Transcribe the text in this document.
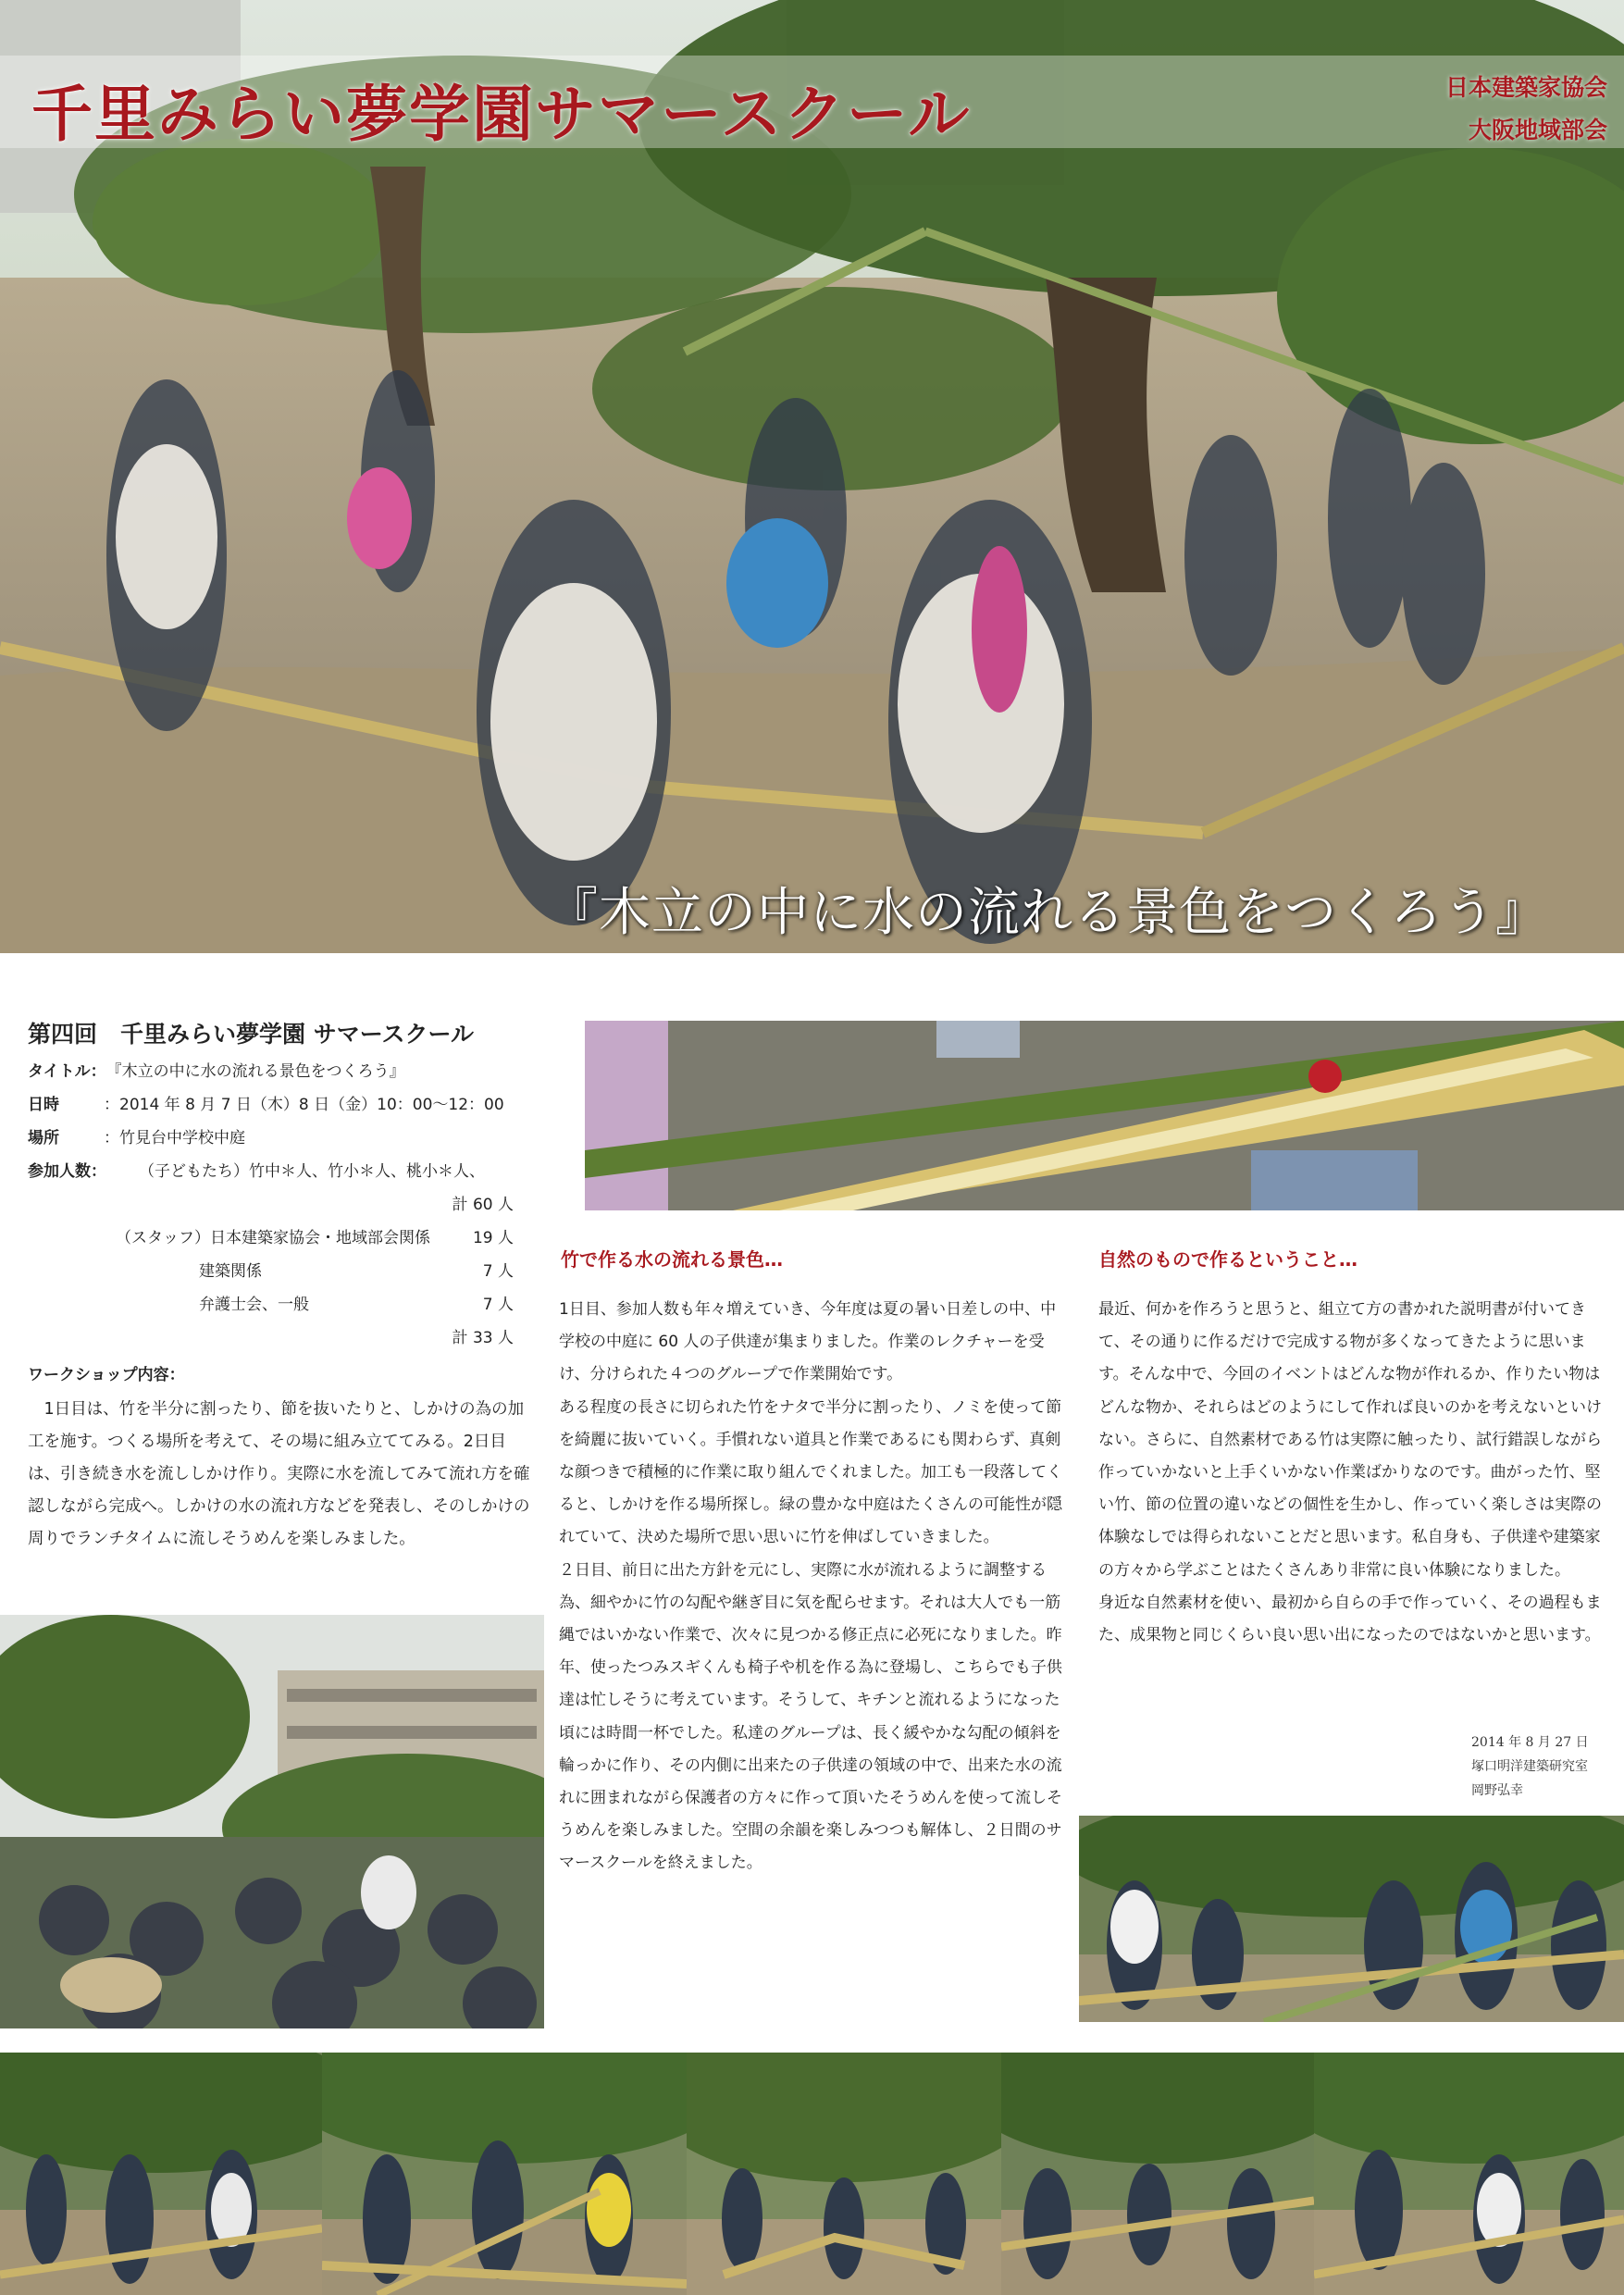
千里みらい夢学園サマースクール	日本建築家協会
大阪地域部会
『木立の中に水の流れる景色をつくろう』
第四回　千里みらい夢学園 サマースクール
タイトル： 『木立の中に水の流れる景色をつくろう』
日時	：2014 年 8 月 7 日（木）8 日（金）10：00〜12：00
場所	：竹見台中学校中庭
参加人数：	（子どもたち）竹中＊人、竹小＊人、桃小＊人、
計 60 人
（スタッフ）日本建築家協会・地域部会関係	19 人
建築関係	7 人
弁護士会、一般	7 人
計 33 人
ワークショップ内容：
1日目は、竹を半分に割ったり、節を抜いたりと、しかけの為の加工を施す。つくる場所を考えて、その場に組み立ててみる。2日目は、引き続き水を流ししかけ作り。実際に水を流してみて流れ方を確認しながら完成へ。しかけの水の流れ方などを発表し、そのしかけの周りでランチタイムに流しそうめんを楽しみました。
竹で作る水の流れる景色…

1日目、参加人数も年々増えていき、今年度は夏の暑い日差しの中、中学校の中庭に 60 人の子供達が集まりました。作業のレクチャーを受け、分けられた４つのグループで作業開始です。

ある程度の長さに切られた竹をナタで半分に割ったり、ノミを使って節を綺麗に抜いていく。手慣れない道具と作業であるにも関わらず、真剣な顔つきで積極的に作業に取り組んでくれました。加工も一段落してくると、しかけを作る場所探し。緑の豊かな中庭はたくさんの可能性が隠れていて、決めた場所で思い思いに竹を伸ばしていきました。

２日目、前日に出た方針を元にし、実際に水が流れるように調整する為、細やかに竹の勾配や継ぎ目に気を配らせます。それは大人でも一筋縄ではいかない作業で、次々に見つかる修正点に必死になりました。昨年、使ったつみスギくんも椅子や机を作る為に登場し、こちらでも子供達は忙しそうに考えています。そうして、キチンと流れるようになった頃には時間一杯でした。私達のグループは、長く緩やかな勾配の傾斜を輪っかに作り、その内側に出来たの子供達の領域の中で、出来た水の流れに囲まれながら保護者の方々に作って頂いたそうめんを使って流しそうめんを楽しみました。空間の余韻を楽しみつつも解体し、２日間のサマースクールを終えました。

自然のもので作るということ…

最近、何かを作ろうと思うと、組立て方の書かれた説明書が付いてきて、その通りに作るだけで完成する物が多くなってきたように思います。そんな中で、今回のイベントはどんな物が作れるか、作りたい物はどんな物か、それらはどのようにして作れば良いのかを考えないといけない。さらに、自然素材である竹は実際に触ったり、試行錯誤しながら作っていかないと上手くいかない作業ばかりなのです。曲がった竹、堅い竹、節の位置の違いなどの個性を生かし、作っていく楽しさは実際の体験なしでは得られないことだと思います。私自身も、子供達や建築家の方々から学ぶことはたくさんあり非常に良い体験になりました。

身近な自然素材を使い、最初から自らの手で作っていく、その過程もまた、成果物と同じくらい良い思い出になったのではないかと思います。

2014 年 8 月 27 日
塚口明洋建築研究室
岡野弘幸
